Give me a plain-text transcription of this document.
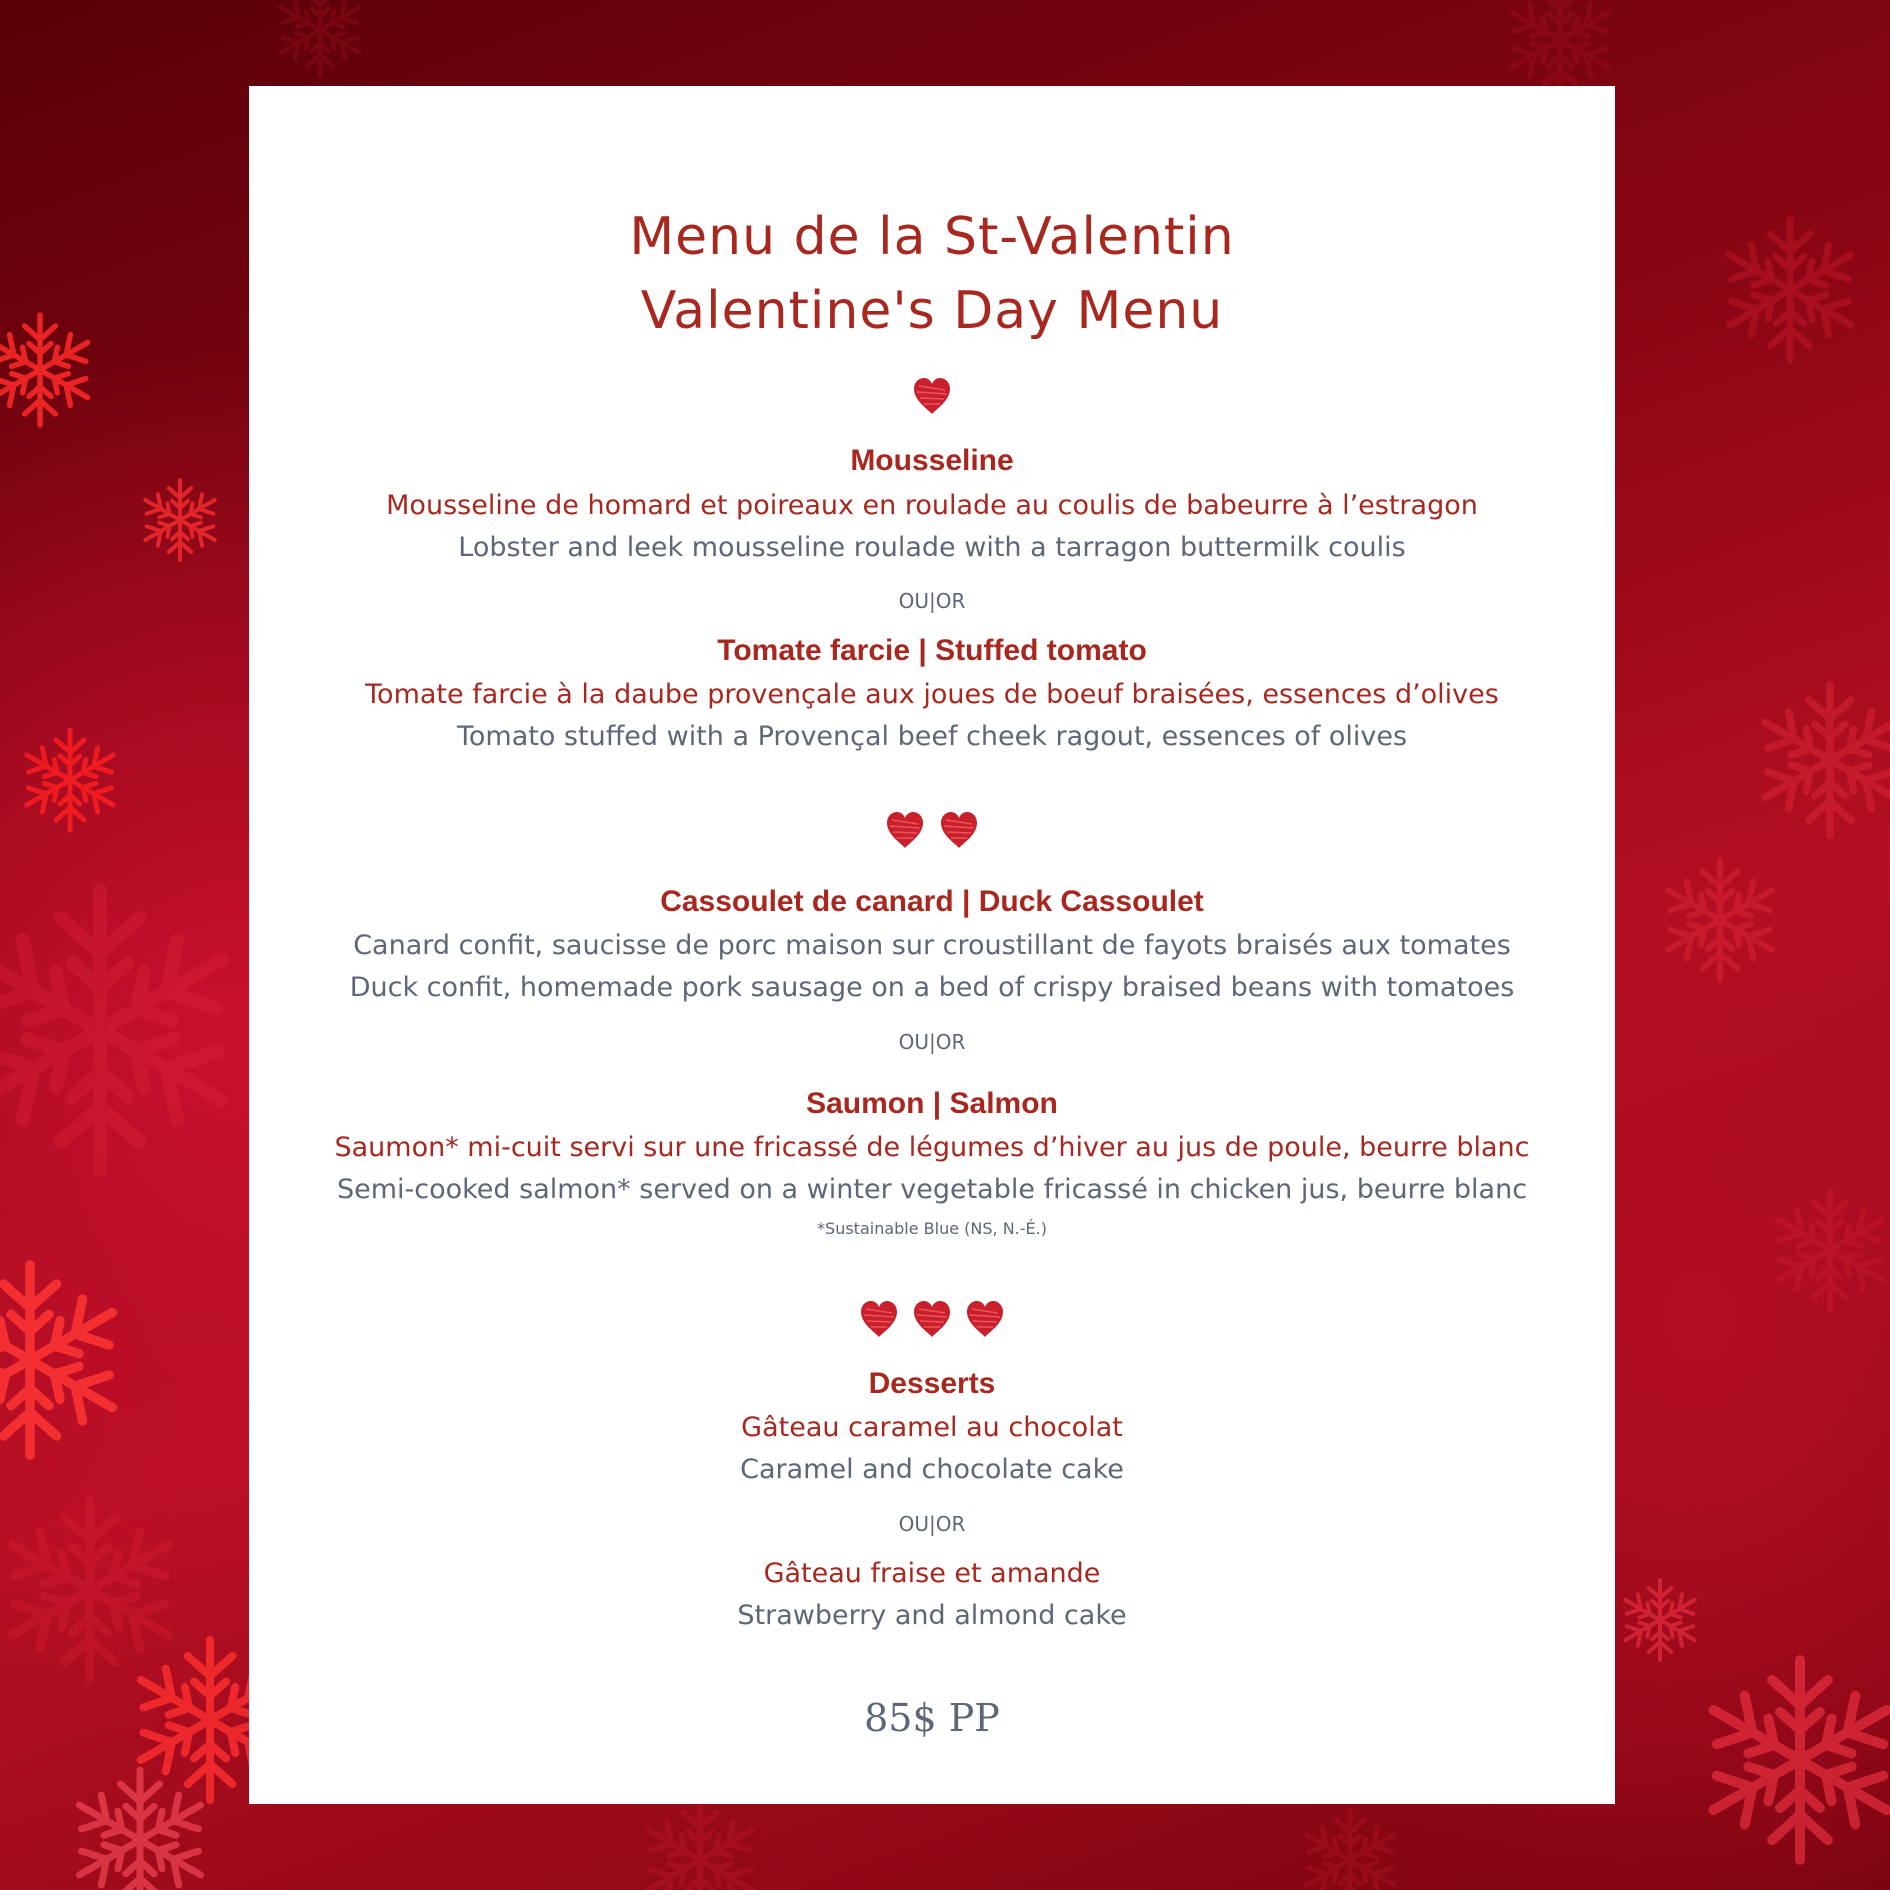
Menu de la St-Valentin
Valentine's Day Menu
Mousseline
Mousseline de homard et poireaux en roulade au coulis de babeurre à l’estragon
Lobster and leek mousseline roulade with a tarragon buttermilk coulis
OU|OR
Tomate farcie | Stuffed tomato
Tomate farcie à la daube provençale aux joues de boeuf braisées, essences d’olives
Tomato stuffed with a Provençal beef cheek ragout, essences of olives

Cassoulet de canard | Duck Cassoulet
Canard confit, saucisse de porc maison sur croustillant de fayots braisés aux tomates
Duck confit, homemade pork sausage on a bed of crispy braised beans with tomatoes
OU|OR
Saumon | Salmon
Saumon* mi-cuit servi sur une fricassé de légumes d’hiver au jus de poule, beurre blanc
Semi-cooked salmon* served on a winter vegetable fricassé in chicken jus, beurre blanc
*Sustainable Blue (NS, N.-É.)

Desserts
Gâteau caramel au chocolat
Caramel and chocolate cake
OU|OR
Gâteau fraise et amande
Strawberry and almond cake
85$ PP
